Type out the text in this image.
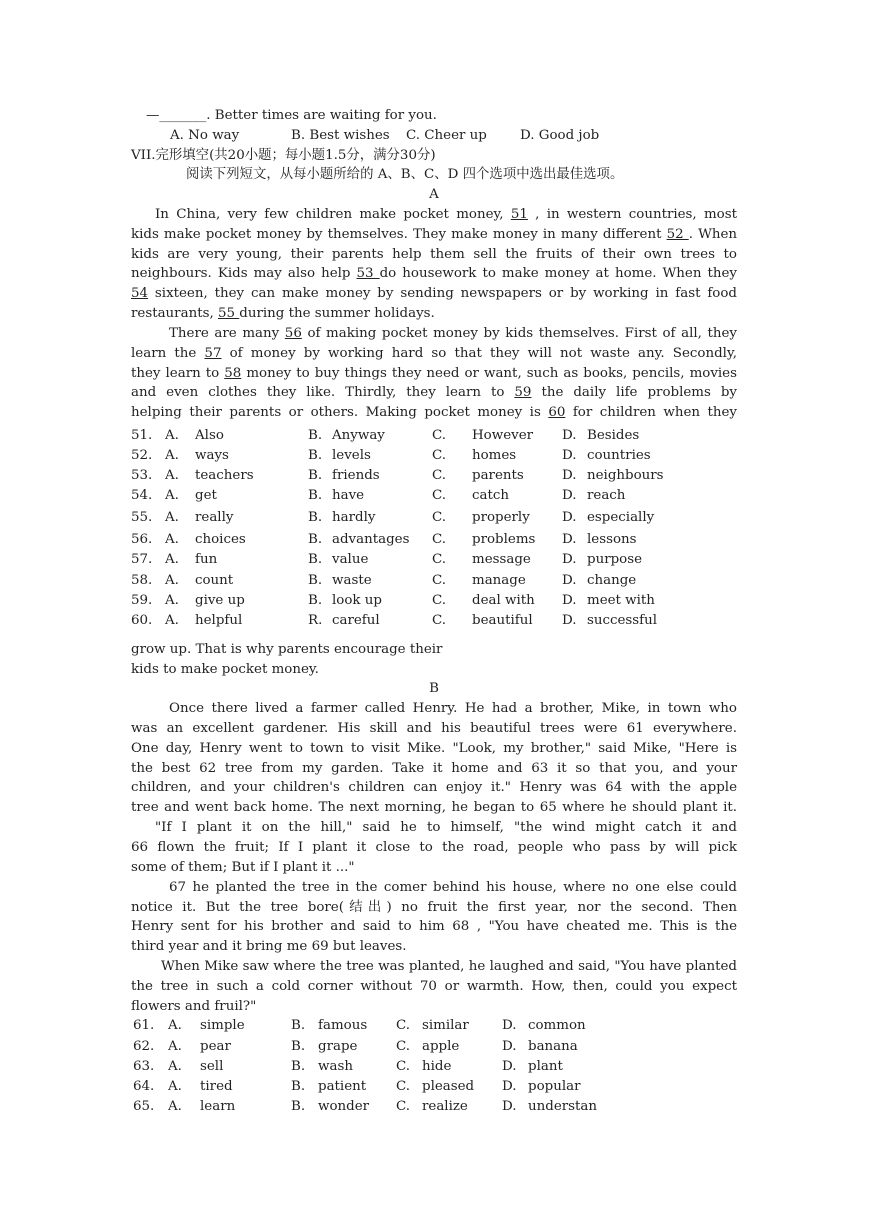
—_______. Better times are waiting for you.
A. No way	B. Best wishes C. Cheer up D. Good job
VII.完形填空(共20小题；每小题1.5分，满分30分)
阅读下列短文，从每小题所给的 A、B、C、D 四个选项中选出最佳选项。
A
In China, very few children make pocket money, 51 , in western countries, most
kids make pocket money by themselves. They make money in many different 52 . When
kids are very young, their parents help them sell the fruits of their own trees to
neighbours. Kids may also help 53 do housework to make money at home. When they
54 sixteen, they can make money by sending newspapers or by working in fast food
restaurants, 55 during the summer holidays.
There are many 56 of making pocket money by kids themselves. First of all, they
learn the 57 of money by working hard so that they will not waste any. Secondly,
they learn to 58 money to buy things they need or want, such as books, pencils, movies
and even clothes they like. Thirdly, they learn to 59 the daily life problems by
helping their parents or others. Making pocket money is 60 for children when they
51. A. Also	B. Anyway	C. However D. Besides
52. A. ways	B. levels	C. homes	D. countries
53. A. teachers	B. friends	C. parents	D. neighbours
54. A. get	B. have	C. catch	D. reach
55. A. really	B. hardly	C. properly D. especially
56. A. choices	B. advantages C. problems D. lessons
57. A. fun	B. value	C. message D. purpose
58. A. count	B. waste	C. manage	D. change
59. A. give up	B. look up	C. deal with D. meet with
60. A. helpful	R. careful	C. beautiful D. successful
grow up. That is why parents encourage their
kids to make pocket money.
B
Once there lived a farmer called Henry. He had a brother, Mike, in town who
was an excellent gardener. His skill and his beautiful trees were 61 everywhere.
One day, Henry went to town to visit Mike. "Look, my brother," said Mike, "Here is
the best 62 tree from my garden. Take it home and 63 it so that you, and your
children, and your children's children can enjoy it." Henry was 64 with the apple
tree and went back home. The next morning, he began to 65 where he should plant it.
"If I plant it on the hill," said he to himself, "the wind might catch it and
66 flown the fruit; If I plant it close to the road, people who pass by will pick
some of them; But if I plant it ..."
67 he planted the tree in the comer behind his house, where no one else could
notice it. But the tree bore(结出) no fruit the first year, nor the second. Then
Henry sent for his brother and said to him 68 , "You have cheated me. This is the
third year and it bring me 69 but leaves.
When Mike saw where the tree was planted, he laughed and said, "You have planted
the tree in such a cold corner without 70 or warmth. How, then, could you expect
flowers and fruil?"
61. A. simple	B. famous C. similar D. common
62. A. pear	B. grape	C. apple	D. banana
63. A. sell	B. wash	C. hide	D. plant
64. A. tired	B. patient C. pleased D. popular
65. A. learn	B. wonder C. realize	D. understan
